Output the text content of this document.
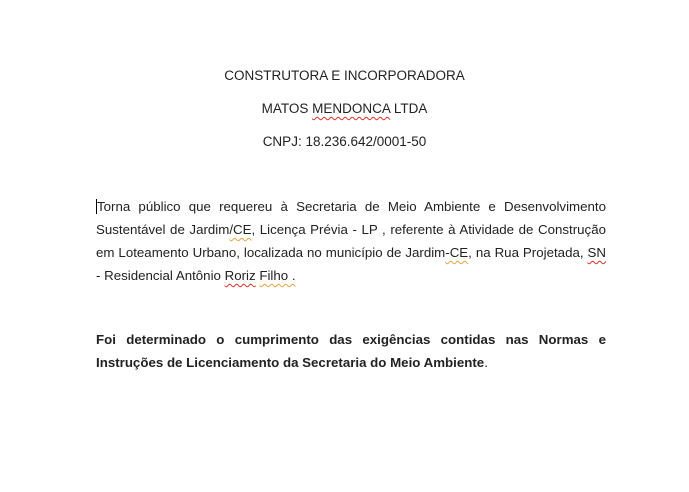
CONSTRUTORA E INCORPORADORA
MATOS MENDONCA LTDA
CNPJ: 18.236.642/0001-50

Torna público que requereu à Secretaria de Meio Ambiente e Desenvolvimento Sustentável de Jardim/CE, Licença Prévia - LP , referente à Atividade de Construção em Loteamento Urbano, localizada no município de Jardim-CE, na Rua Projetada, SN - Residencial Antônio Roriz Filho .

Foi determinado o cumprimento das exigências contidas nas Normas e Instruções de Licenciamento da Secretaria do Meio Ambiente.
